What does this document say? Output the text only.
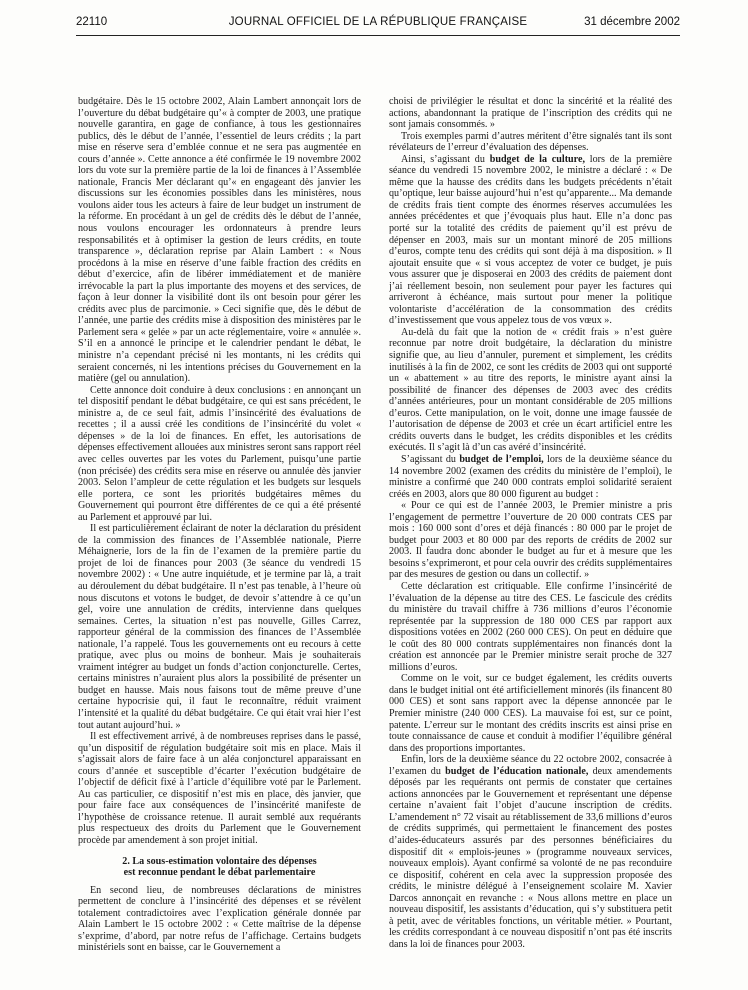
22110	JOURNAL OFFICIEL DE LA RÉPUBLIQUE FRANÇAISE	31 décembre 2002

budgétaire. Dès le 15 octobre 2002, Alain Lambert annonçait lors de l’ouverture du débat budgétaire qu’« à compter de 2003, une pratique nouvelle garantira, en gage de confiance, à tous les gestionnaires publics, dès le début de l’année, l’essentiel de leurs crédits ; la part mise en réserve sera d’emblée connue et ne sera pas augmentée en cours d’année ». Cette annonce a été confirmée le 19 novembre 2002 lors du vote sur la première partie de la loi de finances à l’Assemblée nationale, Francis Mer déclarant qu’« en engageant dès janvier les discussions sur les économies possibles dans les ministères, nous voulons aider tous les acteurs à faire de leur budget un instrument de la réforme. En procédant à un gel de crédits dès le début de l’année, nous voulons encourager les ordonnateurs à prendre leurs responsabilités et à optimiser la gestion de leurs crédits, en toute transparence », déclaration reprise par Alain Lambert : « Nous procédons à la mise en réserve d’une faible fraction des crédits en début d’exercice, afin de libérer immédiatement et de manière irrévocable la part la plus importante des moyens et des services, de façon à leur donner la visibilité dont ils ont besoin pour gérer les crédits avec plus de parcimonie. » Ceci signifie que, dès le début de l’année, une partie des crédits mise à disposition des ministères par le Parlement sera « gelée » par un acte réglementaire, voire « annulée ». S’il en a annoncé le principe et le calendrier pendant le débat, le ministre n’a cependant précisé ni les montants, ni les crédits qui seraient concernés, ni les intentions précises du Gouvernement en la matière (gel ou annulation).

Cette annonce doit conduire à deux conclusions : en annonçant un tel dispositif pendant le débat budgétaire, ce qui est sans précédent, le ministre a, de ce seul fait, admis l’insincérité des évaluations de recettes ; il a aussi créé les conditions de l’insincérité du volet « dépenses » de la loi de finances. En effet, les autorisations de dépenses effectivement allouées aux ministres seront sans rapport réel avec celles ouvertes par les votes du Parlement, puisqu’une partie (non précisée) des crédits sera mise en réserve ou annulée dès janvier 2003. Selon l’ampleur de cette régulation et les budgets sur lesquels elle portera, ce sont les priorités budgétaires mêmes du Gouvernement qui pourront être différentes de ce qui a été présenté au Parlement et approuvé par lui.

Il est particulièrement éclairant de noter la déclaration du président de la commission des finances de l’Assemblée nationale, Pierre Méhaignerie, lors de la fin de l’examen de la première partie du projet de loi de finances pour 2003 (3e séance du vendredi 15 novembre 2002) : « Une autre inquiétude, et je termine par là, a trait au déroulement du débat budgétaire. Il n’est pas tenable, à l’heure où nous discutons et votons le budget, de devoir s’attendre à ce qu’un gel, voire une annulation de crédits, intervienne dans quelques semaines. Certes, la situation n’est pas nouvelle, Gilles Carrez, rapporteur général de la commission des finances de l’Assemblée nationale, l’a rappelé. Tous les gouvernements ont eu recours à cette pratique, avec plus ou moins de bonheur. Mais je souhaiterais vraiment intégrer au budget un fonds d’action conjoncturelle. Certes, certains ministres n’auraient plus alors la possibilité de présenter un budget en hausse. Mais nous faisons tout de même preuve d’une certaine hypocrisie qui, il faut le reconnaître, réduit vraiment l’intensité et la qualité du débat budgétaire. Ce qui était vrai hier l’est tout autant aujourd’hui. »

Il est effectivement arrivé, à de nombreuses reprises dans le passé, qu’un dispositif de régulation budgétaire soit mis en place. Mais il s’agissait alors de faire face à un aléa conjoncturel apparaissant en cours d’année et susceptible d’écarter l’exécution budgétaire de l’objectif de déficit fixé à l’article d’équilibre voté par le Parlement. Au cas particulier, ce dispositif n’est mis en place, dès janvier, que pour faire face aux conséquences de l’insincérité manifeste de l’hypothèse de croissance retenue. Il aurait semblé aux requérants plus respectueux des droits du Parlement que le Gouvernement procède par amendement à son projet initial.

2. La sous-estimation volontaire des dépenses
est reconnue pendant le débat parlementaire

En second lieu, de nombreuses déclarations de ministres permettent de conclure à l’insincérité des dépenses et se révèlent totalement contradictoires avec l’explication générale donnée par Alain Lambert le 15 octobre 2002 : « Cette maîtrise de la dépense s’exprime, d’abord, par notre refus de l’affichage. Certains budgets ministériels sont en baisse, car le Gouvernement a

choisi de privilégier le résultat et donc la sincérité et la réalité des actions, abandonnant la pratique de l’inscription des crédits qui ne sont jamais consommés. »

Trois exemples parmi d’autres méritent d’être signalés tant ils sont révélateurs de l’erreur d’évaluation des dépenses.

Ainsi, s’agissant du budget de la culture, lors de la première séance du vendredi 15 novembre 2002, le ministre a déclaré : « De même que la hausse des crédits dans les budgets précédents n’était qu’optique, leur baisse aujourd’hui n’est qu’apparente... Ma demande de crédits frais tient compte des énormes réserves accumulées les années précédentes et que j’évoquais plus haut. Elle n’a donc pas porté sur la totalité des crédits de paiement qu’il est prévu de dépenser en 2003, mais sur un montant minoré de 205 millions d’euros, compte tenu des crédits qui sont déjà à ma disposition. » Il ajoutait ensuite que « si vous acceptez de voter ce budget, je puis vous assurer que je disposerai en 2003 des crédits de paiement dont j’ai réellement besoin, non seulement pour payer les factures qui arriveront à échéance, mais surtout pour mener la politique volontariste d’accélération de la consommation des crédits d’investissement que vous appelez tous de vos vœux ».

Au-delà du fait que la notion de « crédit frais » n’est guère reconnue par notre droit budgétaire, la déclaration du ministre signifie que, au lieu d’annuler, purement et simplement, les crédits inutilisés à la fin de 2002, ce sont les crédits de 2003 qui ont supporté un « abattement » au titre des reports, le ministre ayant ainsi la possibilité de financer des dépenses de 2003 avec des crédits d’années antérieures, pour un montant considérable de 205 millions d’euros. Cette manipulation, on le voit, donne une image faussée de l’autorisation de dépense de 2003 et crée un écart artificiel entre les crédits ouverts dans le budget, les crédits disponibles et les crédits exécutés. Il s’agit là d’un cas avéré d’insincérité.

S’agissant du budget de l’emploi, lors de la deuxième séance du 14 novembre 2002 (examen des crédits du ministère de l’emploi), le ministre a confirmé que 240 000 contrats emploi solidarité seraient créés en 2003, alors que 80 000 figurent au budget :

« Pour ce qui est de l’année 2003, le Premier ministre a pris l’engagement de permettre l’ouverture de 20 000 contrats CES par mois : 160 000 sont d’ores et déjà financés : 80 000 par le projet de budget pour 2003 et 80 000 par des reports de crédits de 2002 sur 2003. Il faudra donc abonder le budget au fur et à mesure que les besoins s’exprimeront, et pour cela ouvrir des crédits supplémentaires par des mesures de gestion ou dans un collectif. »

Cette déclaration est critiquable. Elle confirme l’insincérité de l’évaluation de la dépense au titre des CES. Le fascicule des crédits du ministère du travail chiffre à 736 millions d’euros l’économie représentée par la suppression de 180 000 CES par rapport aux dispositions votées en 2002 (260 000 CES). On peut en déduire que le coût des 80 000 contrats supplémentaires non financés dont la création est annoncée par le Premier ministre serait proche de 327 millions d’euros.

Comme on le voit, sur ce budget également, les crédits ouverts dans le budget initial ont été artificiellement minorés (ils financent 80 000 CES) et sont sans rapport avec la dépense annoncée par le Premier ministre (240 000 CES). La mauvaise foi est, sur ce point, patente. L’erreur sur le montant des crédits inscrits est ainsi prise en toute connaissance de cause et conduit à modifier l’équilibre général dans des proportions importantes.

Enfin, lors de la deuxième séance du 22 octobre 2002, consacrée à l’examen du budget de l’éducation nationale, deux amendements déposés par les requérants ont permis de constater que certaines actions annoncées par le Gouvernement et représentant une dépense certaine n’avaient fait l’objet d’aucune inscription de crédits. L’amendement n° 72 visait au rétablissement de 33,6 millions d’euros de crédits supprimés, qui permettaient le financement des postes d’aides-éducateurs assurés par des personnes bénéficiaires du dispositif dit « emplois-jeunes » (programme nouveaux services, nouveaux emplois). Ayant confirmé sa volonté de ne pas reconduire ce dispositif, cohérent en cela avec la suppression proposée des crédits, le ministre délégué à l’enseignement scolaire M. Xavier Darcos annonçait en revanche : « Nous allons mettre en place un nouveau dispositif, les assistants d’éducation, qui s’y substituera petit à petit, avec de véritables fonctions, un véritable métier. » Pourtant, les crédits correspondant à ce nouveau dispositif n’ont pas été inscrits dans la loi de finances pour 2003.
